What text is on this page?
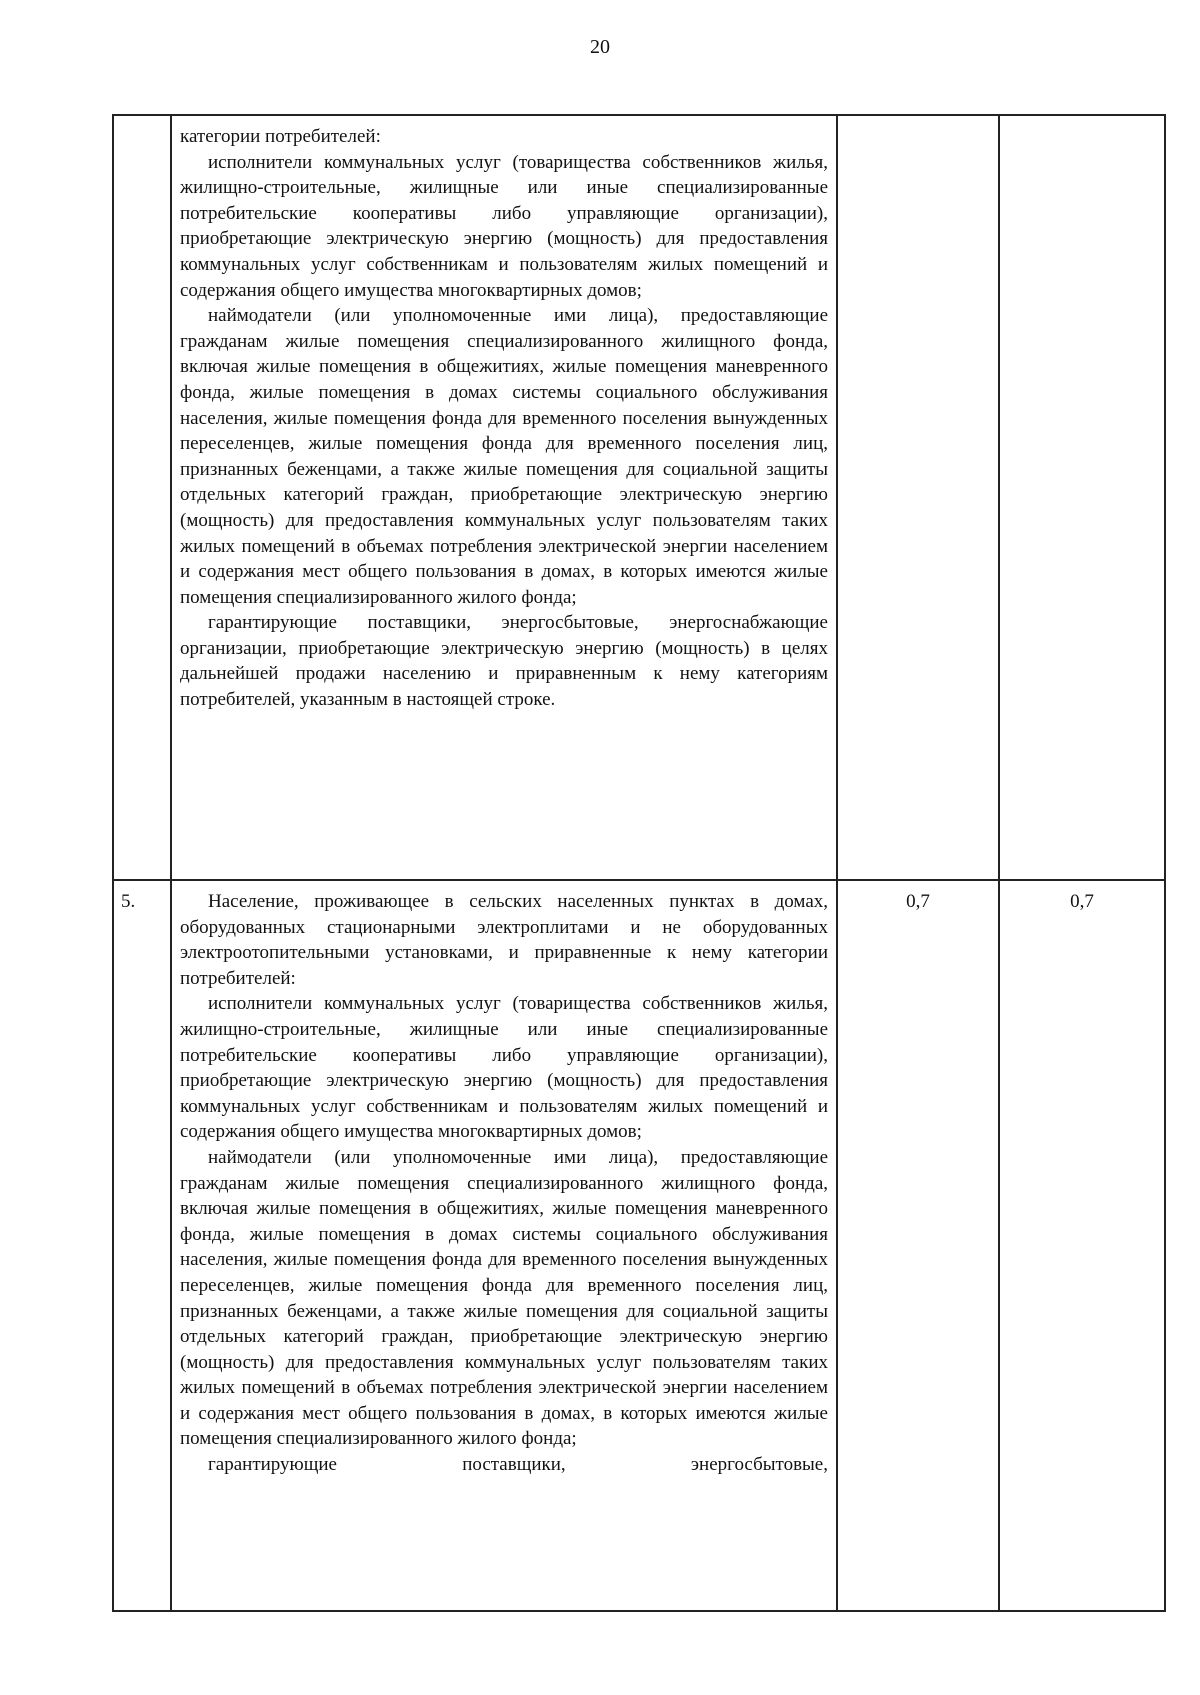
20

	категории потребителей:

исполнители коммунальных услуг (товарищества собственников жилья, жилищно-строительные, жилищные или иные специализированные потребительские кооперативы либо управляющие организации), приобретающие электрическую энергию (мощность) для предоставления коммунальных услуг собственникам и пользователям жилых помещений и содержания общего имущества многоквартирных домов;

наймодатели (или уполномоченные ими лица), предоставляющие гражданам жилые помещения специализированного жилищного фонда, включая жилые помещения в общежитиях, жилые помещения маневренного фонда, жилые помещения в домах системы социального обслуживания населения, жилые помещения фонда для временного поселения вынужденных переселенцев, жилые помещения фонда для временного поселения лиц, признанных беженцами, а также жилые помещения для социальной защиты отдельных категорий граждан, приобретающие электрическую энергию (мощность) для предоставления коммунальных услуг пользователям таких жилых помещений в объемах потребления электрической энергии населением и содержания мест общего пользования в домах, в которых имеются жилые помещения специализированного жилого фонда;

гарантирующие поставщики, энергосбытовые, энергоснабжающие организации, приобретающие электрическую энергию (мощность) в целях дальнейшей продажи населению и приравненным к нему категориям потребителей, указанным в настоящей строке.		

5.	Население, проживающее в сельских населенных пунктах в домах, оборудованных стационарными электроплитами и не оборудованных электроотопительными установками, и приравненные к нему категории потребителей:

исполнители коммунальных услуг (товарищества собственников жилья, жилищно-строительные, жилищные или иные специализированные потребительские кооперативы либо управляющие организации), приобретающие электрическую энергию (мощность) для предоставления коммунальных услуг собственникам и пользователям жилых помещений и содержания общего имущества многоквартирных домов;

наймодатели (или уполномоченные ими лица), предоставляющие гражданам жилые помещения специализированного жилищного фонда, включая жилые помещения в общежитиях, жилые помещения маневренного фонда, жилые помещения в домах системы социального обслуживания населения, жилые помещения фонда для временного поселения вынужденных переселенцев, жилые помещения фонда для временного поселения лиц, признанных беженцами, а также жилые помещения для социальной защиты отдельных категорий граждан, приобретающие электрическую энергию (мощность) для предоставления коммунальных услуг пользователям таких жилых помещений в объемах потребления электрической энергии населением и содержания мест общего пользования в домах, в которых имеются жилые помещения специализированного жилого фонда;

гарантирующие поставщики, энергосбытовые,	0,7	0,7
